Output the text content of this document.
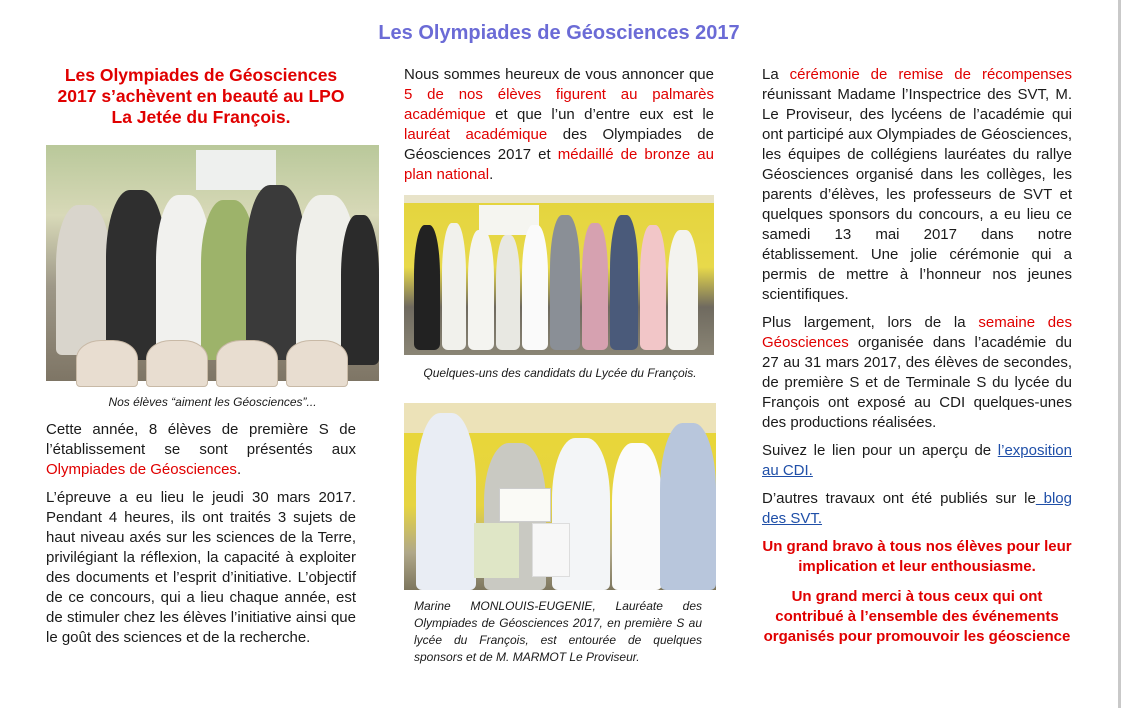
Les Olympiades de Géosciences 2017
Les Olympiades de Géosciences 2017 s’achèvent en beauté au LPO La Jetée du François.

Nos élèves “aiment les Géosciences”...

Cette année, 8 élèves de première S de l’établissement se sont présentés aux Olympiades de Géosciences.

L’épreuve a eu lieu le jeudi 30 mars 2017. Pendant 4 heures, ils ont traités 3 sujets de haut niveau axés sur les sciences de la Terre, privilégiant la réflexion, la capacité à exploiter des documents et l’esprit d’initiative. L’objectif de ce concours, qui a lieu chaque année, est de stimuler chez les élèves l’initiative ainsi que le goût des sciences et de la recherche.

Nous sommes heureux de vous annoncer que 5 de nos élèves figurent au palmarès académique et que l’un d’entre eux est le lauréat académique des Olympiades de Géosciences 2017 et médaillé de bronze au plan national.

Quelques-uns des candidats du Lycée du François.

Marine MONLOUIS-EUGENIE, Lauréate des Olympiades de Géosciences 2017, en première S au lycée du François, est entourée de quelques sponsors et de M. MARMOT Le Proviseur.

La cérémonie de remise de récompenses réunissant Madame l’Inspectrice des SVT, M. Le Proviseur, des lycéens de l’académie qui ont participé aux Olympiades de Géosciences, les équipes de collégiens lauréates du rallye Géosciences organisé dans les collèges, les parents d’élèves, les professeurs de SVT et quelques sponsors du concours, a eu lieu ce samedi 13 mai 2017 dans notre établissement. Une jolie cérémonie qui a permis de mettre à l’honneur nos jeunes scientifiques.

Plus largement, lors de la semaine des Géosciences organisée dans l’académie du 27 au 31 mars 2017, des élèves de secondes, de première S et de Terminale S du lycée du François ont exposé au CDI quelques-unes des productions réalisées.

Suivez le lien pour un aperçu de l’exposition au CDI.

D’autres travaux ont été publiés sur le blog des SVT.

Un grand bravo à tous nos élèves pour leur implication et leur enthousiasme.

Un grand merci à tous ceux qui ont contribué à l’ensemble des événements organisés pour promouvoir les géoscience
